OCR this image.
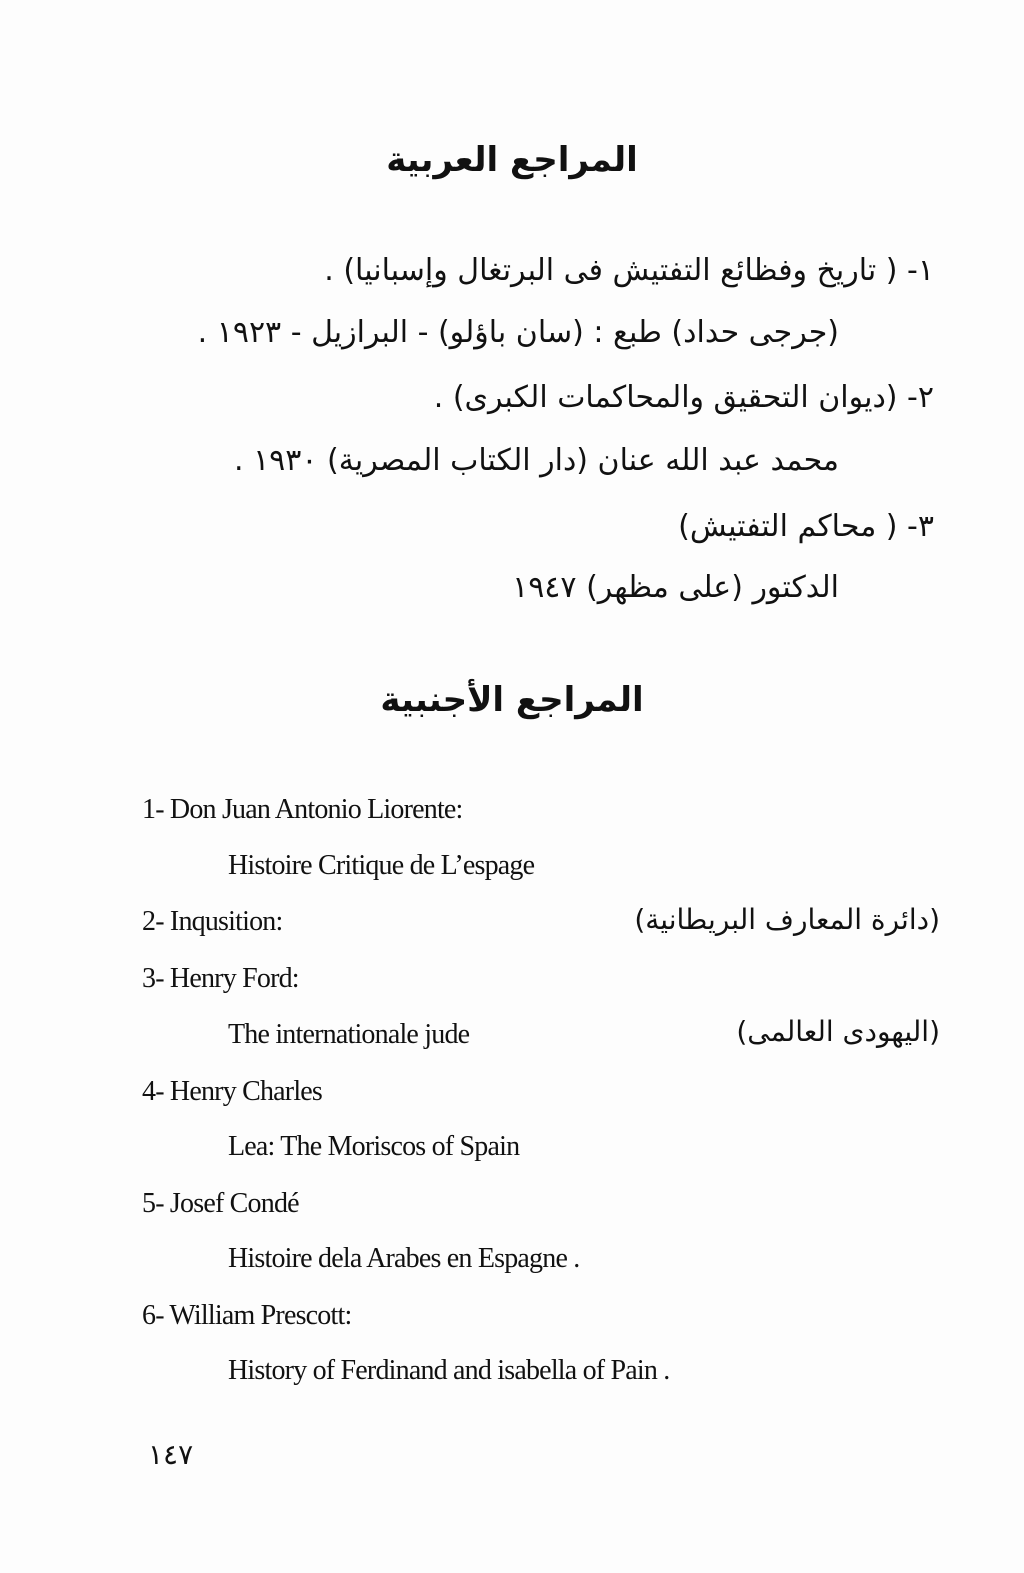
المراجع العربية
١- ( تاريخ وفظائع التفتيش فى البرتغال وإسبانيا) .
(جرجى حداد) طبع : (سان باؤلو) - البرازيل - ١٩٢٣ .
٢- (ديوان التحقيق والمحاكمات الكبرى) .
محمد عبد الله عنان (دار الكتاب المصرية) ١٩٣٠ .
٣- ( محاكم التفتيش)
الدكتور (على مظهر) ١٩٤٧
المراجع الأجنبية
1- Don Juan Antonio Liorente:
Histoire Critique de L’espage
2- Inqusition:	(دائرة المعارف البريطانية)
3- Henry Ford:
The internationale jude	(اليهودى العالمى)
4- Henry Charles
Lea: The Moriscos of Spain
5- Josef Condé
Histoire dela Arabes en Espagne .
6- William Prescott:
History of Ferdinand and isabella of Pain .
١٤٧
